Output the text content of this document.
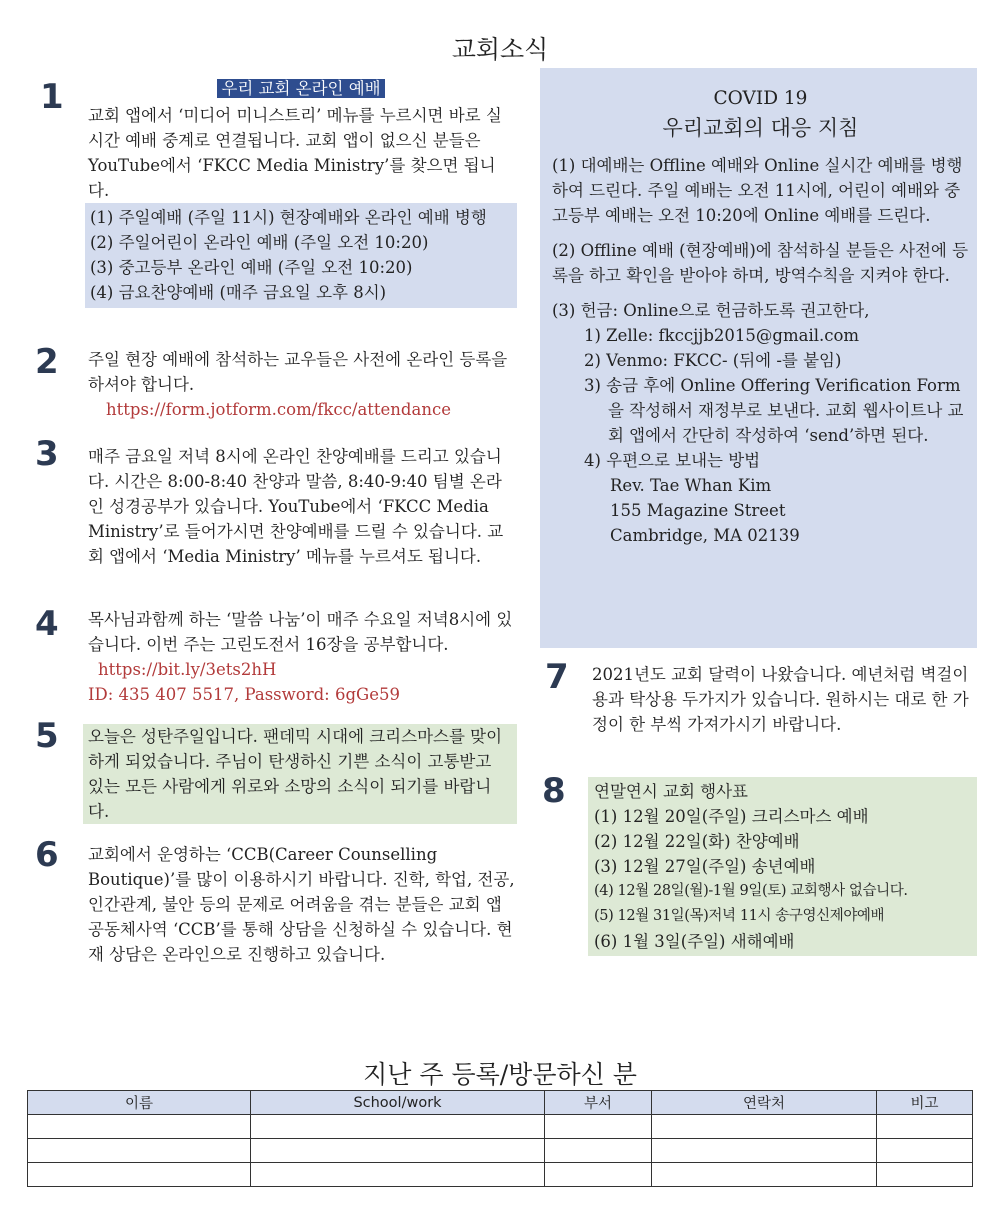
교회소식
1	우리 교회 온라인 예배
교회 앱에서 ‘미디어 미니스트리’ 메뉴를 누르시면 바로 실시간 예배 중계로 연결됩니다. 교회 앱이 없으신 분들은 YouTube에서 ‘FKCC Media Ministry’를 찾으면 됩니다.
(1) 주일예배 (주일 11시) 현장예배와 온라인 예배 병행
(2) 주일어린이 온라인 예배 (주일 오전 10:20)
(3) 중고등부 온라인 예배 (주일 오전 10:20)
(4) 금요찬양예배 (매주 금요일 오후 8시)
2 주일 현장 예배에 참석하는 교우들은 사전에 온라인 등록을 하셔야 합니다.
https://form.jotform.com/fkcc/attendance
3 매주 금요일 저녁 8시에 온라인 찬양예배를 드리고 있습니다. 시간은 8:00-8:40 찬양과 말씀, 8:40-9:40 팀별 온라인 성경공부가 있습니다. YouTube에서 ‘FKCC Media Ministry’로 들어가시면 찬양예배를 드릴 수 있습니다. 교회 앱에서 ‘Media Ministry’ 메뉴를 누르셔도 됩니다.
4 목사님과함께 하는 ‘말씀 나눔’이 매주 수요일 저녁8시에 있습니다. 이번 주는 고린도전서 16장을 공부합니다. https://bit.ly/3ets2hH
ID: 435 407 5517, Password: 6gGe59
5	오늘은 성탄주일입니다. 팬데믹 시대에 크리스마스를 맞이하게 되었습니다. 주님이 탄생하신 기쁜 소식이 고통받고 있는 모든 사람에게 위로와 소망의 소식이 되기를 바랍니다.
6 교회에서 운영하는 ‘CCB(Career Counselling Boutique)’를 많이 이용하시기 바랍니다. 진학, 학업, 전공, 인간관계, 불안 등의 문제로 어려움을 겪는 분들은 교회 앱 공동체사역 ‘CCB’를 통해 상담을 신청하실 수 있습니다. 현재 상담은 온라인으로 진행하고 있습니다.
COVID 19
우리교회의 대응 지침
(1) 대예배는 Offline 예배와 Online 실시간 예배를 병행하여 드린다. 주일 예배는 오전 11시에, 어린이 예배와 중고등부 예배는 오전 10:20에 Online 예배를 드린다.
(2) Offline 예배 (현장예배)에 참석하실 분들은 사전에 등록을 하고 확인을 받아야 하며, 방역수칙을 지켜야 한다.
(3) 헌금: Online으로 헌금하도록 권고한다,
1) Zelle: fkccjjb2015@gmail.com
2) Venmo: FKCC- (뒤에 -를 붙임)
3) 송금 후에 Online Offering Verification Form을 작성해서 재정부로 보낸다. 교회 웹사이트나 교회 앱에서 간단히 작성하여 ‘send’하면 된다.
4) 우편으로 보내는 방법
Rev. Tae Whan Kim
155 Magazine Street
Cambridge, MA 02139
7 2021년도 교회 달력이 나왔습니다. 예년처럼 벽걸이용과 탁상용 두가지가 있습니다. 원하시는 대로 한 가정이 한 부씩 가져가시기 바랍니다.
8 연말연시 교회 행사표
(1) 12월 20일(주일) 크리스마스 예배
(2) 12월 22일(화) 찬양예배
(3) 12월 27일(주일) 송년예배
(4) 12월 28일(월)-1월 9일(토) 교회행사 없습니다.
(5) 12월 31일(목)저녁 11시 송구영신제야예배
(6) 1월 3일(주일) 새해예배
지난 주 등록/방문하신 분
이름	School/work	부서	연락처	비고
